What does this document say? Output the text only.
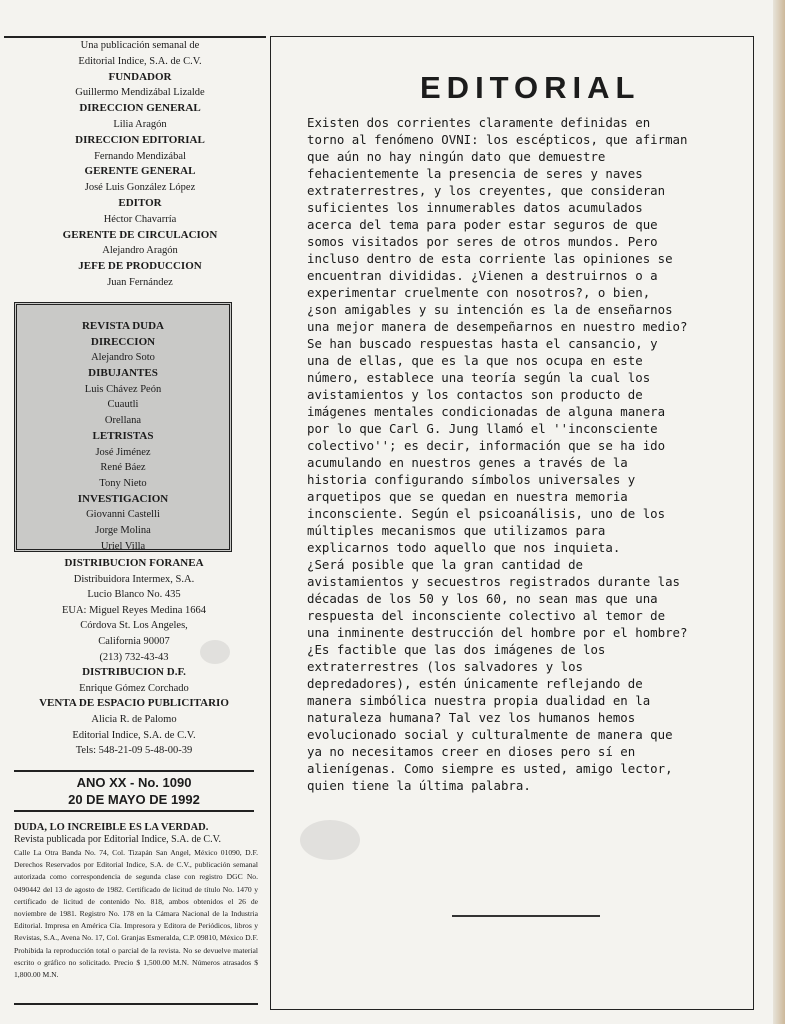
Una publicación semanal de
Editorial Indice, S.A. de C.V.
FUNDADOR
Guillermo Mendizábal Lizalde
DIRECCION GENERAL
Lilia Aragón
DIRECCION EDITORIAL
Fernando Mendizábal
GERENTE GENERAL
José Luis González López
EDITOR
Héctor Chavarría
GERENTE DE CIRCULACION
Alejandro Aragón
JEFE DE PRODUCCION
Juan Fernández
REVISTA DUDA
DIRECCION
Alejandro Soto
DIBUJANTES
Luis Chávez Peón
Cuautli
Orellana
LETRISTAS
José Jiménez
René Báez
Tony Nieto
INVESTIGACION
Giovanni Castelli
Jorge Molina
Uriel Villa
DISTRIBUCION FORANEA
Distribuidora Intermex, S.A.
Lucio Blanco No. 435
EUA: Miguel Reyes Medina 1664
Córdova St. Los Angeles,
California 90007
(213) 732-43-43
DISTRIBUCION D.F.
Enrique Gómez Corchado
VENTA DE ESPACIO PUBLICITARIO
Alicia R. de Palomo
Editorial Indice, S.A. de C.V.
Tels: 548-21-09 5-48-00-39
ANO XX - No. 1090
20 DE MAYO DE 1992
DUDA, LO INCREIBLE ES LA VERDAD.
Revista publicada por Editorial Indice, S.A. de C.V.
Calle La Otra Banda No. 74, Col. Tizapán San Angel, México 01090, D.F. Derechos Reservados por Editorial Indice, S.A. de C.V., publicación semanal autorizada como correspondencia de segunda clase con registro DGC No. 0490442 del 13 de agosto de 1982. Certificado de licitud de título No. 1470 y certificado de licitud de contenido No. 818, ambos obtenidos el 26 de noviembre de 1981. Registro No. 178 en la Cámara Nacional de la Industria Editorial. Impresa en América Cía. Impresora y Editora de Periódicos, libros y Revistas, S.A., Avena No. 17, Col. Granjas Esmeralda, C.P. 09810, México D.F. Prohibida la reproducción total o parcial de la revista. No se devuelve material escrito o gráfico no solicitado. Precio $ 1,500.00 M.N. Números atrasados $ 1,800.00 M.N.
EDITORIAL
Existen dos corrientes claramente definidas en
torno al fenómeno OVNI: los escépticos, que afirman
que aún no hay ningún dato que demuestre
fehacientemente la presencia de seres y naves
extraterrestres, y los creyentes, que consideran
suficientes los innumerables datos acumulados
acerca del tema para poder estar seguros de que
somos visitados por seres de otros mundos. Pero
incluso dentro de esta corriente las opiniones se
encuentran divididas. ¿Vienen a destruirnos o a
experimentar cruelmente con nosotros?, o bien,
¿son amigables y su intención es la de enseñarnos
una mejor manera de desempeñarnos en nuestro medio?
Se han buscado respuestas hasta el cansancio, y
una de ellas, que es la que nos ocupa en este
número, establece una teoría según la cual los
avistamientos y los contactos son producto de
imágenes mentales condicionadas de alguna manera
por lo que Carl G. Jung llamó el ''inconsciente
colectivo''; es decir, información que se ha ido
acumulando en nuestros genes a través de la
historia configurando símbolos universales y
arquetipos que se quedan en nuestra memoria
inconsciente. Según el psicoanálisis, uno de los
múltiples mecanismos que utilizamos para
explicarnos todo aquello que nos inquieta.
¿Será posible que la gran cantidad de
avistamientos y secuestros registrados durante las
décadas de los 50 y los 60, no sean mas que una
respuesta del inconsciente colectivo al temor de
una inminente destrucción del hombre por el hombre?
¿Es factible que las dos imágenes de los
extraterrestres (los salvadores y los
depredadores), estén únicamente reflejando de
manera simbólica nuestra propia dualidad en la
naturaleza humana? Tal vez los humanos hemos
evolucionado social y culturalmente de manera que
ya no necesitamos creer en dioses pero sí en
alienígenas. Como siempre es usted, amigo lector,
quien tiene la última palabra.
